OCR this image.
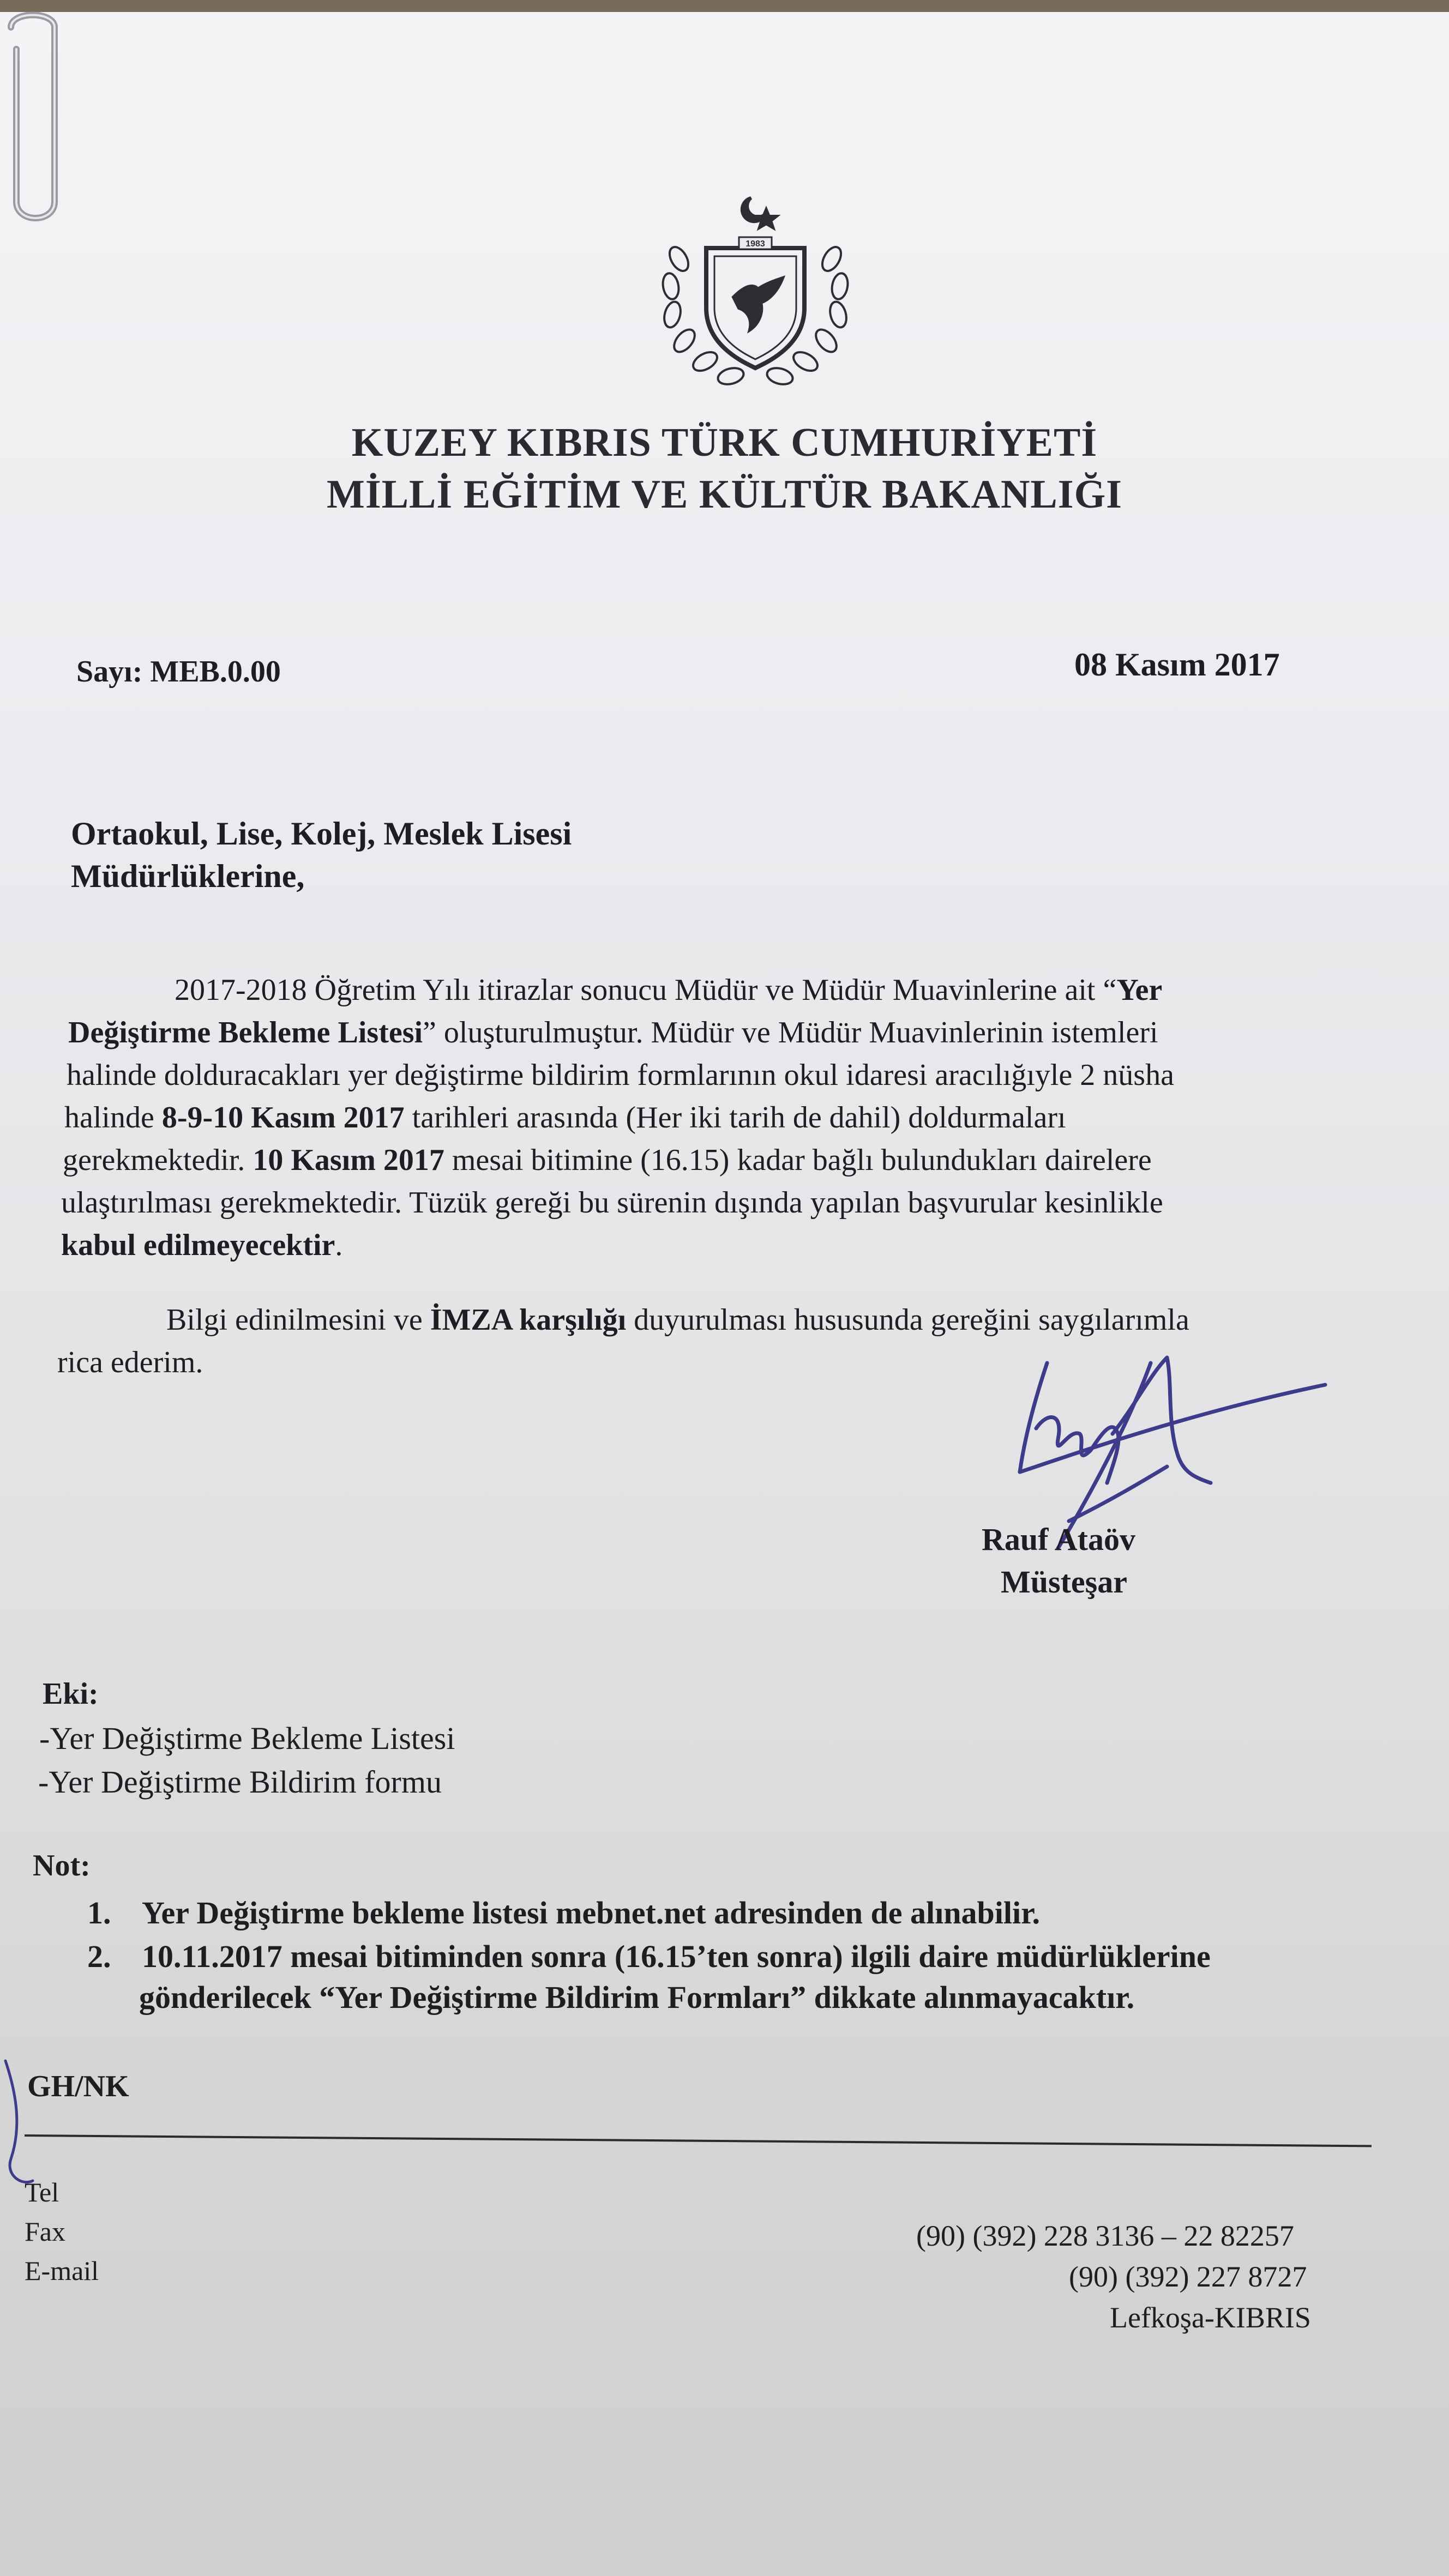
1983
KUZEY KIBRIS TÜRK CUMHURİYETİ
MİLLİ EĞİTİM VE KÜLTÜR BAKANLIĞI
Sayı: MEB.0.00	08 Kasım 2017
Ortaokul, Lise, Kolej, Meslek Lisesi
Müdürlüklerine,
2017-2018 Öğretim Yılı itirazlar sonucu Müdür ve Müdür Muavinlerine ait “Yer
Değiştirme Bekleme Listesi” oluşturulmuştur. Müdür ve Müdür Muavinlerinin istemleri
halinde dolduracakları yer değiştirme bildirim formlarının okul idaresi aracılığıyle 2 nüsha
halinde 8-9-10 Kasım 2017 tarihleri arasında (Her iki tarih de dahil) doldurmaları
gerekmektedir. 10 Kasım 2017 mesai bitimine (16.15) kadar bağlı bulundukları dairelere
ulaştırılması gerekmektedir. Tüzük gereği bu sürenin dışında yapılan başvurular kesinlikle
kabul edilmeyecektir.
Bilgi edinilmesini ve İMZA karşılığı duyurulması hususunda gereğini saygılarımla
rica ederim.
Rauf Ataöv
Müsteşar
Eki:
-Yer Değiştirme Bekleme Listesi
-Yer Değiştirme Bildirim formu
Not:
1. Yer Değiştirme bekleme listesi mebnet.net adresinden de alınabilir.
2. 10.11.2017 mesai bitiminden sonra (16.15’ten sonra) ilgili daire müdürlüklerine
gönderilecek “Yer Değiştirme Bildirim Formları” dikkate alınmayacaktır.
GH/NK
Tel
Fax
E-mail
(90) (392) 228 3136 – 22 82257
(90) (392) 227 8727
Lefkoşa-KIBRIS
